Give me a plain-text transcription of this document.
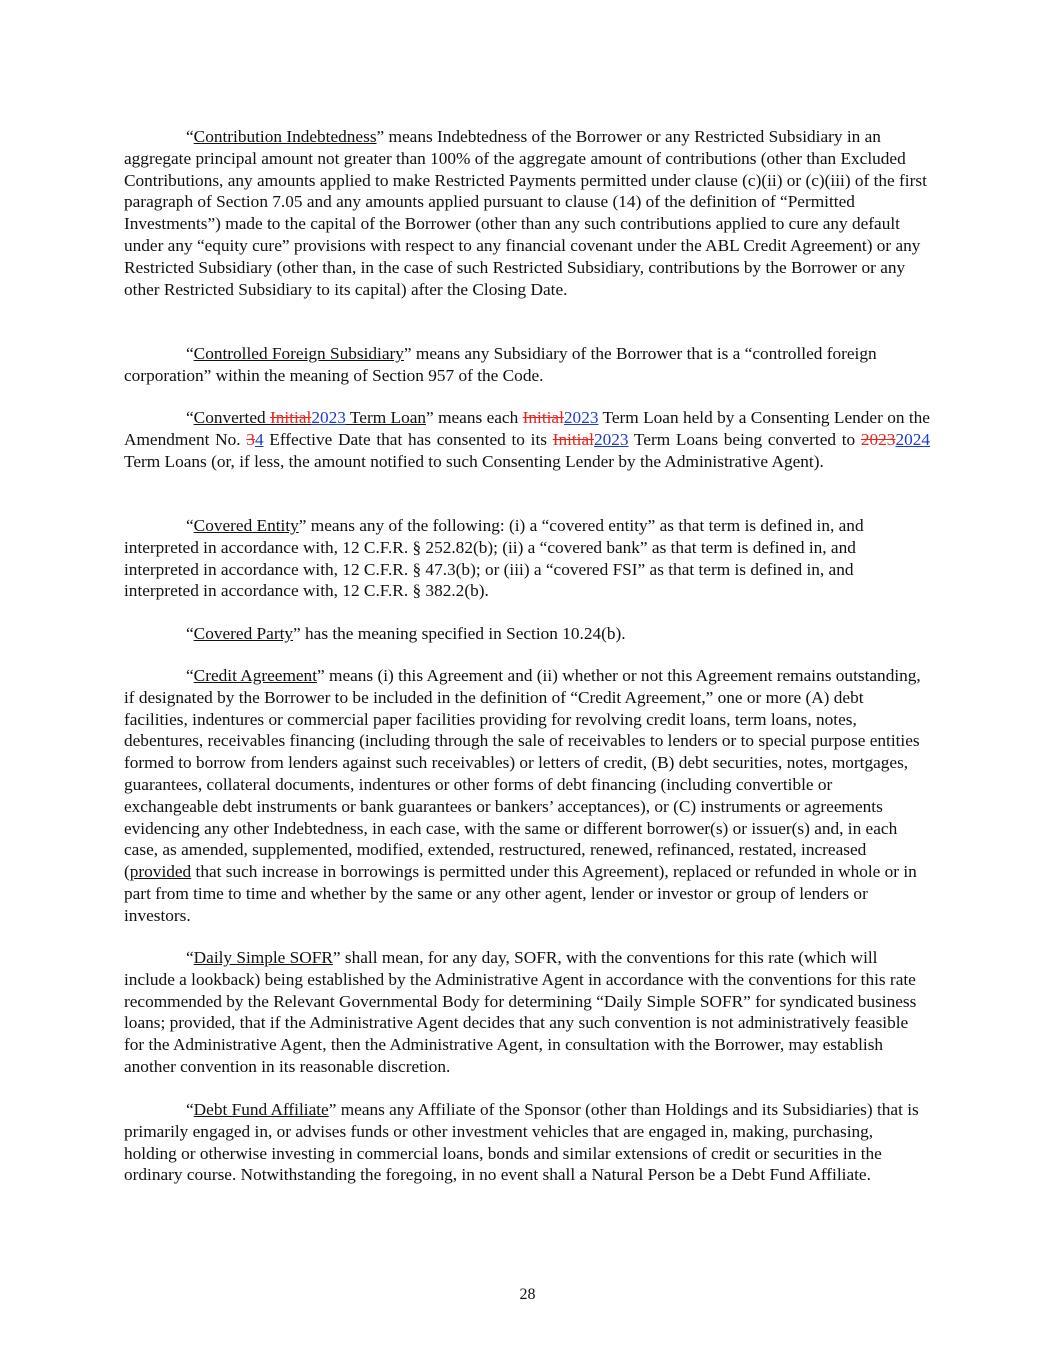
“Contribution Indebtedness” means Indebtedness of the Borrower or any Restricted Subsidiary in an aggregate principal amount not greater than 100% of the aggregate amount of contributions (other than Excluded Contributions, any amounts applied to make Restricted Payments permitted under clause (c)(ii) or (c)(iii) of the first paragraph of Section 7.05 and any amounts applied pursuant to clause (14) of the definition of “Permitted Investments”) made to the capital of the Borrower (other than any such contributions applied to cure any default under any “equity cure” provisions with respect to any financial covenant under the ABL Credit Agreement) or any Restricted Subsidiary (other than, in the case of such Restricted Subsidiary, contributions by the Borrower or any other Restricted Subsidiary to its capital) after the Closing Date.

“Controlled Foreign Subsidiary” means any Subsidiary of the Borrower that is a “controlled foreign corporation” within the meaning of Section 957 of the Code.

“Converted Initial2023 Term Loan” means each Initial2023 Term Loan held by a Consenting Lender on the Amendment No. 34 Effective Date that has consented to its Initial2023 Term Loans being converted to 20232024 Term Loans (or, if less, the amount notified to such Consenting Lender by the Administrative Agent).

“Covered Entity” means any of the following: (i) a “covered entity” as that term is defined in, and interpreted in accordance with, 12 C.F.R. § 252.82(b); (ii) a “covered bank” as that term is defined in, and interpreted in accordance with, 12 C.F.R. § 47.3(b); or (iii) a “covered FSI” as that term is defined in, and interpreted in accordance with, 12 C.F.R. § 382.2(b).

“Covered Party” has the meaning specified in Section 10.24(b).

“Credit Agreement” means (i) this Agreement and (ii) whether or not this Agreement remains outstanding, if designated by the Borrower to be included in the definition of “Credit Agreement,” one or more (A) debt facilities, indentures or commercial paper facilities providing for revolving credit loans, term loans, notes, debentures, receivables financing (including through the sale of receivables to lenders or to special purpose entities formed to borrow from lenders against such receivables) or letters of credit, (B) debt securities, notes, mortgages, guarantees, collateral documents, indentures or other forms of debt financing (including convertible or exchangeable debt instruments or bank guarantees or bankers’ acceptances), or (C) instruments or agreements evidencing any other Indebtedness, in each case, with the same or different borrower(s) or issuer(s) and, in each case, as amended, supplemented, modified, extended, restructured, renewed, refinanced, restated, increased (provided that such increase in borrowings is permitted under this Agreement), replaced or refunded in whole or in part from time to time and whether by the same or any other agent, lender or investor or group of lenders or investors.

“Daily Simple SOFR” shall mean, for any day, SOFR, with the conventions for this rate (which will include a lookback) being established by the Administrative Agent in accordance with the conventions for this rate recommended by the Relevant Governmental Body for determining “Daily Simple SOFR” for syndicated business loans; provided, that if the Administrative Agent decides that any such convention is not administratively feasible for the Administrative Agent, then the Administrative Agent, in consultation with the Borrower, may establish another convention in its reasonable discretion.

“Debt Fund Affiliate” means any Affiliate of the Sponsor (other than Holdings and its Subsidiaries) that is primarily engaged in, or advises funds or other investment vehicles that are engaged in, making, purchasing, holding or otherwise investing in commercial loans, bonds and similar extensions of credit or securities in the ordinary course. Notwithstanding the foregoing, in no event shall a Natural Person be a Debt Fund Affiliate.

28
